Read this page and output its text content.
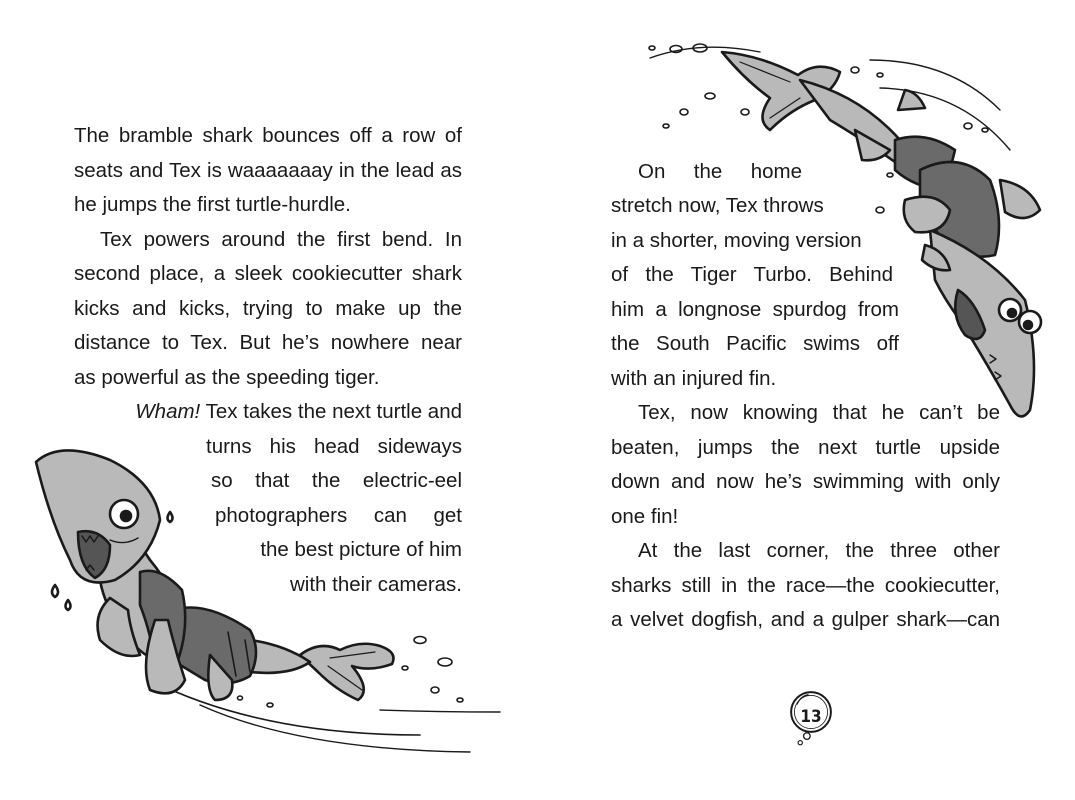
The bramble shark bounces off a row of

seats and Tex is waaaaaaay in the lead as

he jumps the first turtle-hurdle.

Tex powers around the first bend. In

second place, a sleek cookiecutter shark

kicks and kicks, trying to make up the

distance to Tex. But he’s nowhere near

as powerful as the speeding tiger.

Wham! Tex takes the next turtle and

turns his head sideways

so that the electric-eel

photographers can get

the best picture of him

with their cameras.

On the home

stretch now, Tex throws

in a shorter, moving version

of the Tiger Turbo. Behind

him a longnose spurdog from

the South Pacific swims off

with an injured fin.

Tex, now knowing that he can’t be

beaten, jumps the next turtle upside

down and now he’s swimming with only

one fin!

At the last corner, the three other

sharks still in the race—the cookiecutter,

a velvet dogfish, and a gulper shark—can

13
